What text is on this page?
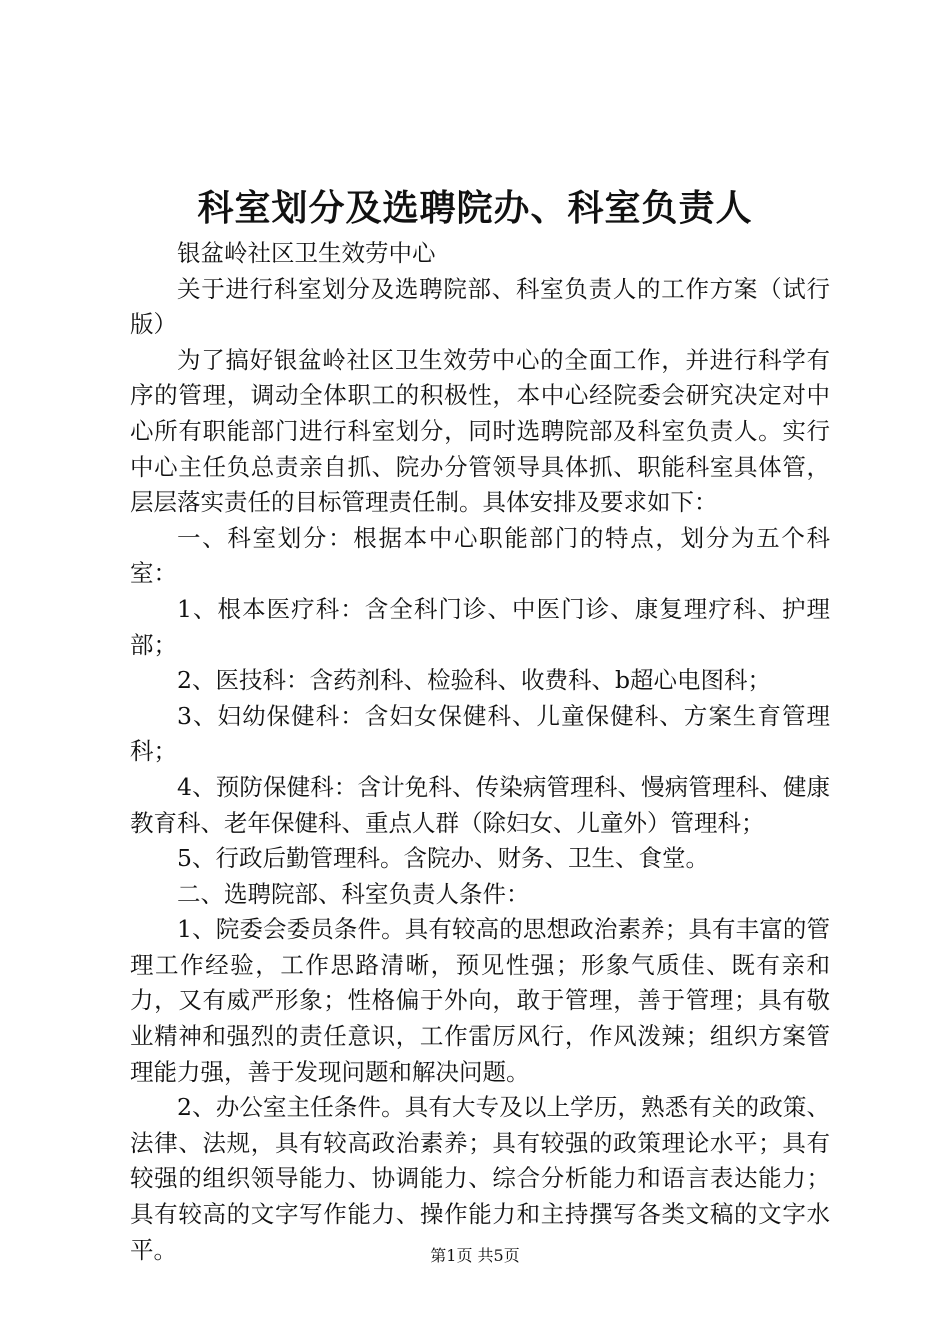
科室划分及选聘院办、科室负责人

银盆岭社区卫生效劳中心

关于进行科室划分及选聘院部、科室负责人的工作方案（试行版）

为了搞好银盆岭社区卫生效劳中心的全面工作，并进行科学有序的管理，调动全体职工的积极性，本中心经院委会研究决定对中心所有职能部门进行科室划分，同时选聘院部及科室负责人。实行中心主任负总责亲自抓、院办分管领导具体抓、职能科室具体管，层层落实责任的目标管理责任制。具体安排及要求如下：

一、科室划分：根据本中心职能部门的特点，划分为五个科室：

1、根本医疗科：含全科门诊、中医门诊、康复理疗科、护理部；

2、医技科：含药剂科、检验科、收费科、b超心电图科；

3、妇幼保健科：含妇女保健科、儿童保健科、方案生育管理科；

4、预防保健科：含计免科、传染病管理科、慢病管理科、健康教育科、老年保健科、重点人群（除妇女、儿童外）管理科；

5、行政后勤管理科。含院办、财务、卫生、食堂。

二、选聘院部、科室负责人条件：

1、院委会委员条件。具有较高的思想政治素养；具有丰富的管理工作经验，工作思路清晰，预见性强；形象气质佳、既有亲和力，又有威严形象；性格偏于外向，敢于管理，善于管理；具有敬业精神和强烈的责任意识，工作雷厉风行，作风泼辣；组织方案管理能力强，善于发现问题和解决问题。

2、办公室主任条件。具有大专及以上学历，熟悉有关的政策、法律、法规，具有较高政治素养；具有较强的政策理论水平；具有较强的组织领导能力、协调能力、综合分析能力和语言表达能力；具有较高的文字写作能力、操作能力和主持撰写各类文稿的文字水平。	第1页 共5页
